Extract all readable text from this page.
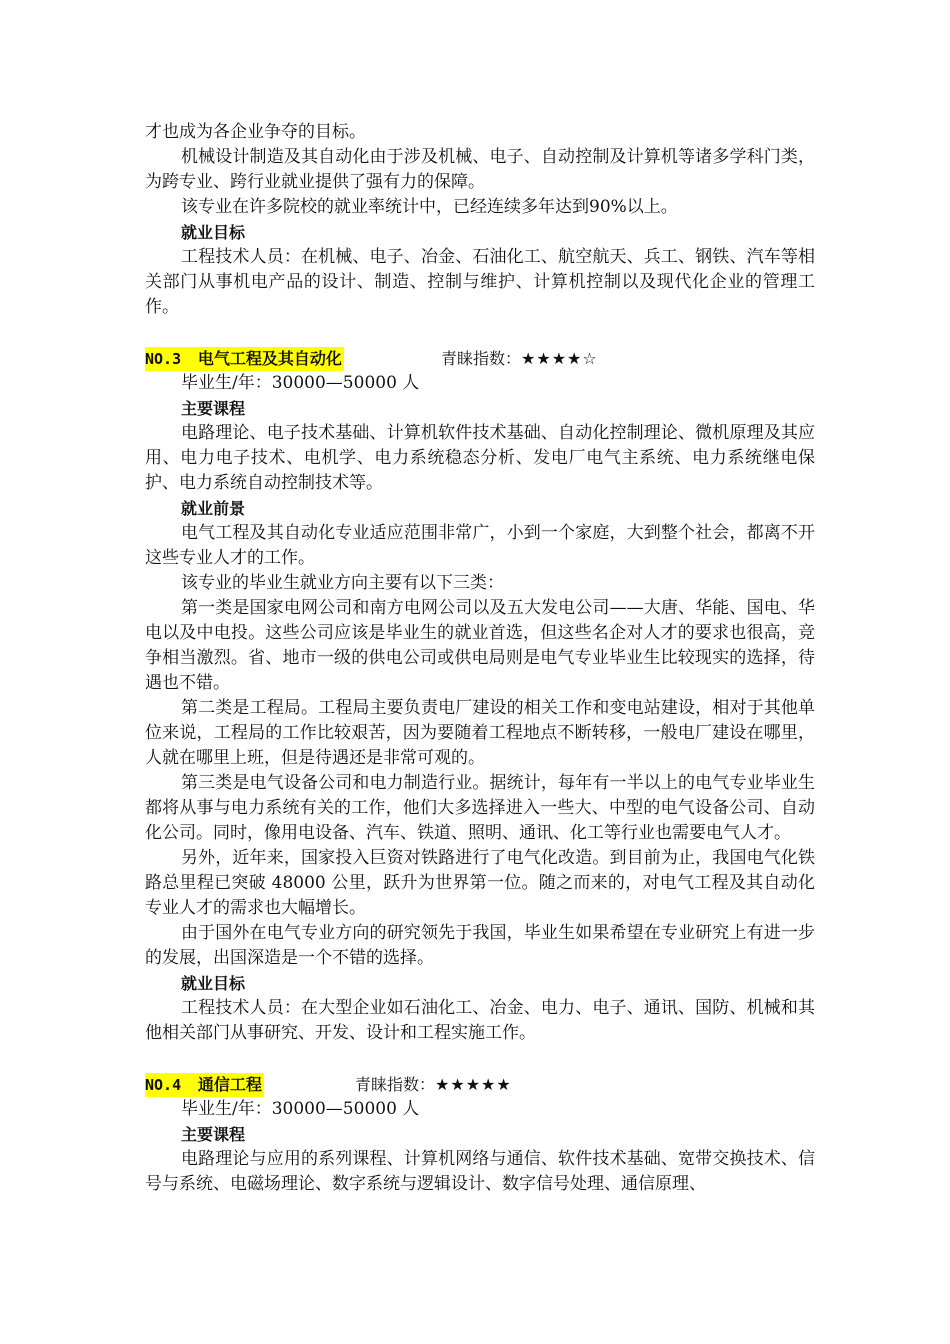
才也成为各企业争夺的目标。

机械设计制造及其自动化由于涉及机械、电子、自动控制及计算机等诸多学科门类，为跨专业、跨行业就业提供了强有力的保障。

该专业在许多院校的就业率统计中，已经连续多年达到90%以上。

就业目标

工程技术人员：在机械、电子、冶金、石油化工、航空航天、兵工、钢铁、汽车等相关部门从事机电产品的设计、制造、控制与维护、计算机控制以及现代化企业的管理工作。

NO.3 电气工程及其自动化	青睐指数：★★★★☆

毕业生/年：30000—50000 人

主要课程

电路理论、电子技术基础、计算机软件技术基础、自动化控制理论、微机原理及其应用、电力电子技术、电机学、电力系统稳态分析、发电厂电气主系统、电力系统继电保护、电力系统自动控制技术等。

就业前景

电气工程及其自动化专业适应范围非常广，小到一个家庭，大到整个社会，都离不开这些专业人才的工作。

该专业的毕业生就业方向主要有以下三类：

第一类是国家电网公司和南方电网公司以及五大发电公司——大唐、华能、国电、华电以及中电投。这些公司应该是毕业生的就业首选，但这些名企对人才的要求也很高，竞争相当激烈。省、地市一级的供电公司或供电局则是电气专业毕业生比较现实的选择，待遇也不错。

第二类是工程局。工程局主要负责电厂建设的相关工作和变电站建设，相对于其他单位来说，工程局的工作比较艰苦，因为要随着工程地点不断转移，一般电厂建设在哪里，人就在哪里上班，但是待遇还是非常可观的。

第三类是电气设备公司和电力制造行业。据统计，每年有一半以上的电气专业毕业生都将从事与电力系统有关的工作，他们大多选择进入一些大、中型的电气设备公司、自动化公司。同时，像用电设备、汽车、铁道、照明、通讯、化工等行业也需要电气人才。

另外，近年来，国家投入巨资对铁路进行了电气化改造。到目前为止，我国电气化铁路总里程已突破 48000 公里，跃升为世界第一位。随之而来的，对电气工程及其自动化专业人才的需求也大幅增长。

由于国外在电气专业方向的研究领先于我国，毕业生如果希望在专业研究上有进一步的发展，出国深造是一个不错的选择。

就业目标

工程技术人员：在大型企业如石油化工、冶金、电力、电子、通讯、国防、机械和其他相关部门从事研究、开发、设计和工程实施工作。

NO.4 通信工程	青睐指数：★★★★★

毕业生/年：30000—50000 人

主要课程

电路理论与应用的系列课程、计算机网络与通信、软件技术基础、宽带交换技术、信号与系统、电磁场理论、数字系统与逻辑设计、数字信号处理、通信原理、
